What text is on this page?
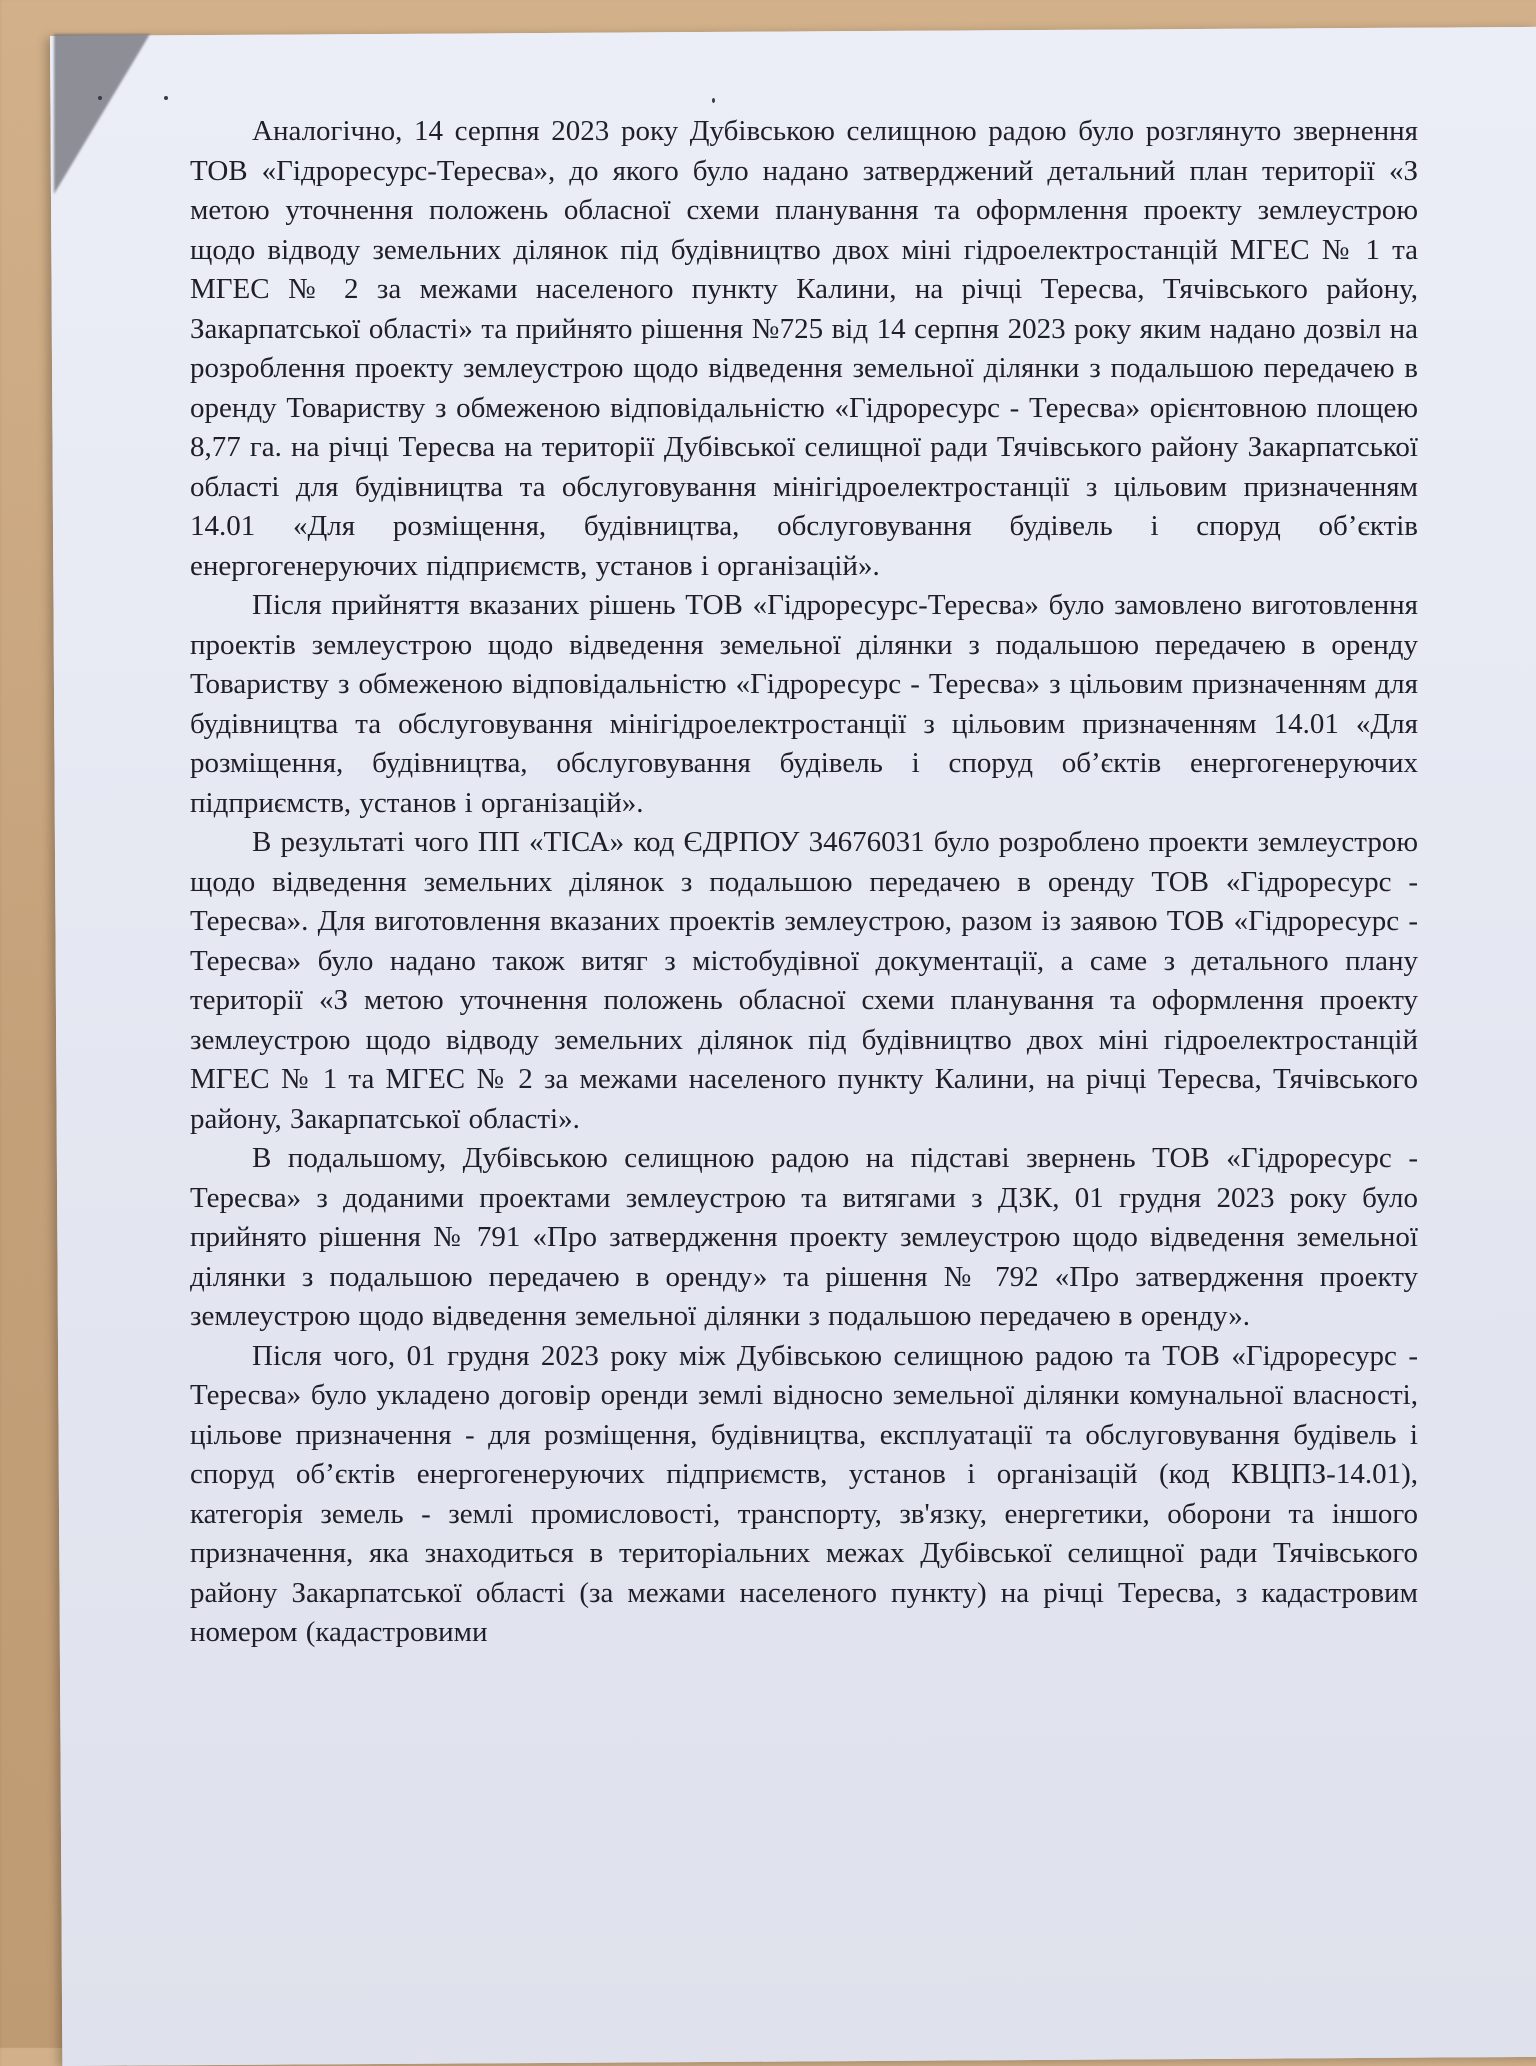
Аналогічно, 14 серпня 2023 року Дубівською селищною радою було розглянуто звернення ТОВ «Гідроресурс-Тересва», до якого було надано затверджений детальний план території «З метою уточнення положень обласної схеми планування та оформлення проекту землеустрою щодо відводу земельних ділянок під будівництво двох міні гідроелектростанцій МГЕС № 1 та МГЕС № 2 за межами населеного пункту Калини, на річці Тересва, Тячівського району, Закарпатської області» та прийнято рішення №725 від 14 серпня 2023 року яким надано дозвіл на розроблення проекту землеустрою щодо відведення земельної ділянки з подальшою передачею в оренду Товариству з обмеженою відповідальністю «Гідроресурс - Тересва» орієнтовною площею 8,77 га. на річці Тересва на території Дубівської селищної ради Тячівського району Закарпатської області для будівництва та обслуговування мінігідроелектростанції з цільовим призначенням 14.01 «Для розміщення, будівництва, обслуговування будівель і споруд об’єктів енергогенеруючих підприємств, установ і організацій».

Після прийняття вказаних рішень ТОВ «Гідроресурс-Тересва» було замовлено виготовлення проектів землеустрою щодо відведення земельної ділянки з подальшою передачею в оренду Товариству з обмеженою відповідальністю «Гідроресурс - Тересва» з цільовим призначенням для будівництва та обслуговування мінігідроелектростанції з цільовим призначенням 14.01 «Для розміщення, будівництва, обслуговування будівель і споруд об’єктів енергогенеруючих підприємств, установ і організацій».

В результаті чого ПП «ТІСА» код ЄДРПОУ 34676031 було розроблено проекти землеустрою щодо відведення земельних ділянок з подальшою передачею в оренду ТОВ «Гідроресурс - Тересва». Для виготовлення вказаних проектів землеустрою, разом із заявою ТОВ «Гідроресурс - Тересва» було надано також витяг з містобудівної документації, а саме з детального плану території «З метою уточнення положень обласної схеми планування та оформлення проекту землеустрою щодо відводу земельних ділянок під будівництво двох міні гідроелектростанцій МГЕС № 1 та МГЕС № 2 за межами населеного пункту Калини, на річці Тересва, Тячівського району, Закарпатської області».

В подальшому, Дубівською селищною радою на підставі звернень ТОВ «Гідроресурс - Тересва» з доданими проектами землеустрою та витягами з ДЗК, 01 грудня 2023 року було прийнято рішення № 791 «Про затвердження проекту землеустрою щодо відведення земельної ділянки з подальшою передачею в оренду» та рішення № 792 «Про затвердження проекту землеустрою щодо відведення земельної ділянки з подальшою передачею в оренду».

Після чого, 01 грудня 2023 року між Дубівською селищною радою та ТОВ «Гідроресурс - Тересва» було укладено договір оренди землі відносно земельної ділянки комунальної власності, цільове призначення - для розміщення, будівництва, експлуатації та обслуговування будівель і споруд об’єктів енергогенеруючих підприємств, установ і організацій (код КВЦПЗ-14.01), категорія земель - землі промисловості, транспорту, зв'язку, енергетики, оборони та іншого призначення, яка знаходиться в територіальних межах Дубівської селищної ради Тячівського району Закарпатської області (за межами населеного пункту) на річці Тересва, з кадастровим номером (кадастровими
